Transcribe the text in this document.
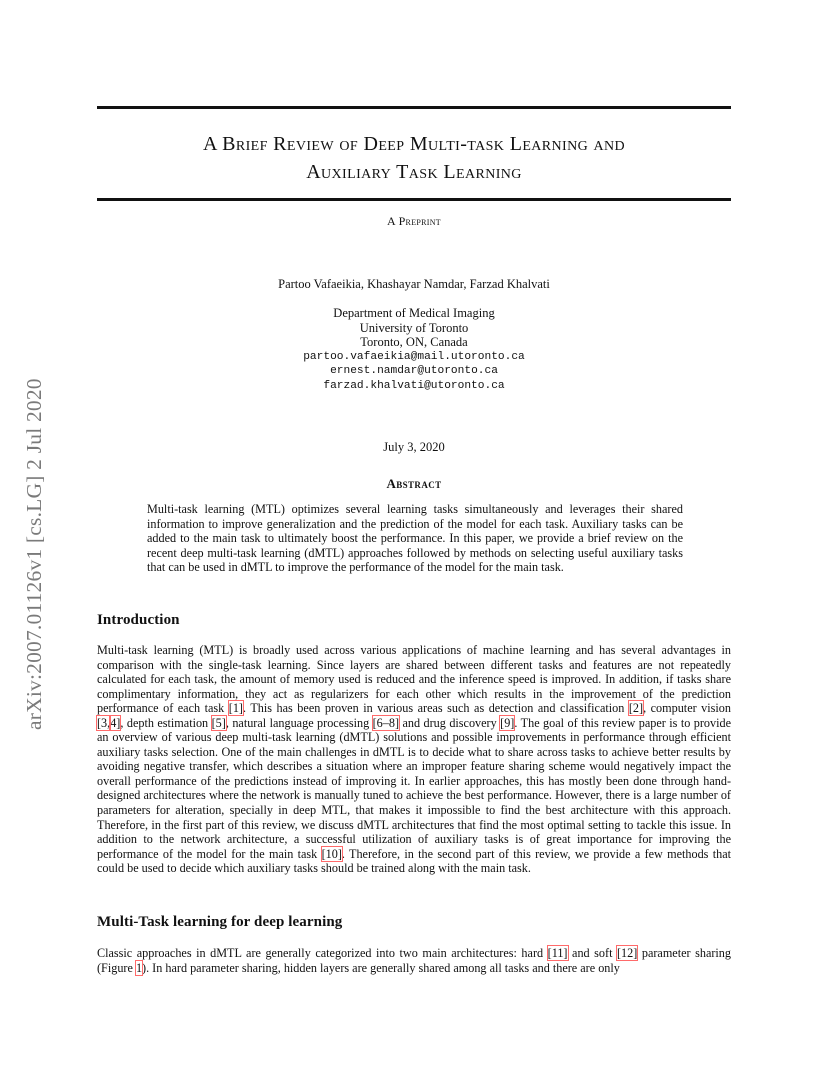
arXiv:2007.01126v1 [cs.LG] 2 Jul 2020
A Brief Review of Deep Multi-task Learning and
Auxiliary Task Learning
A Preprint
Partoo Vafaeikia, Khashayar Namdar, Farzad Khalvati
Department of Medical Imaging
University of Toronto
Toronto, ON, Canada
partoo.vafaeikia@mail.utoronto.ca
ernest.namdar@utoronto.ca
farzad.khalvati@utoronto.ca
July 3, 2020
Abstract
Multi-task learning (MTL) optimizes several learning tasks simultaneously and leverages their shared information to improve generalization and the prediction of the model for each task. Auxiliary tasks can be added to the main task to ultimately boost the performance. In this paper, we provide a brief review on the recent deep multi-task learning (dMTL) approaches followed by methods on selecting useful auxiliary tasks that can be used in dMTL to improve the performance of the model for the main task.
Introduction
Multi-task learning (MTL) is broadly used across various applications of machine learning and has several advantages in comparison with the single-task learning. Since layers are shared between different tasks and features are not repeatedly calculated for each task, the amount of memory used is reduced and the inference speed is improved. In addition, if tasks share complimentary information, they act as regularizers for each other which results in the improvement of the prediction performance of each task [1]. This has been proven in various areas such as detection and classification [2], computer vision [3,4], depth estimation [5], natural language processing [6–8] and drug discovery [9]. The goal of this review paper is to provide an overview of various deep multi-task learning (dMTL) solutions and possible improvements in performance through efficient auxiliary tasks selection. One of the main challenges in dMTL is to decide what to share across tasks to achieve better results by avoiding negative transfer, which describes a situation where an improper feature sharing scheme would negatively impact the overall performance of the predictions instead of improving it. In earlier approaches, this has mostly been done through hand-designed architectures where the network is manually tuned to achieve the best performance. However, there is a large number of parameters for alteration, specially in deep MTL, that makes it impossible to find the best architecture with this approach. Therefore, in the first part of this review, we discuss dMTL architectures that find the most optimal setting to tackle this issue. In addition to the network architecture, a successful utilization of auxiliary tasks is of great importance for improving the performance of the model for the main task [10]. Therefore, in the second part of this review, we provide a few methods that could be used to decide which auxiliary tasks should be trained along with the main task.
Multi-Task learning for deep learning
Classic approaches in dMTL are generally categorized into two main architectures: hard [11] and soft [12] parameter sharing (Figure 1). In hard parameter sharing, hidden layers are generally shared among all tasks and there are only
